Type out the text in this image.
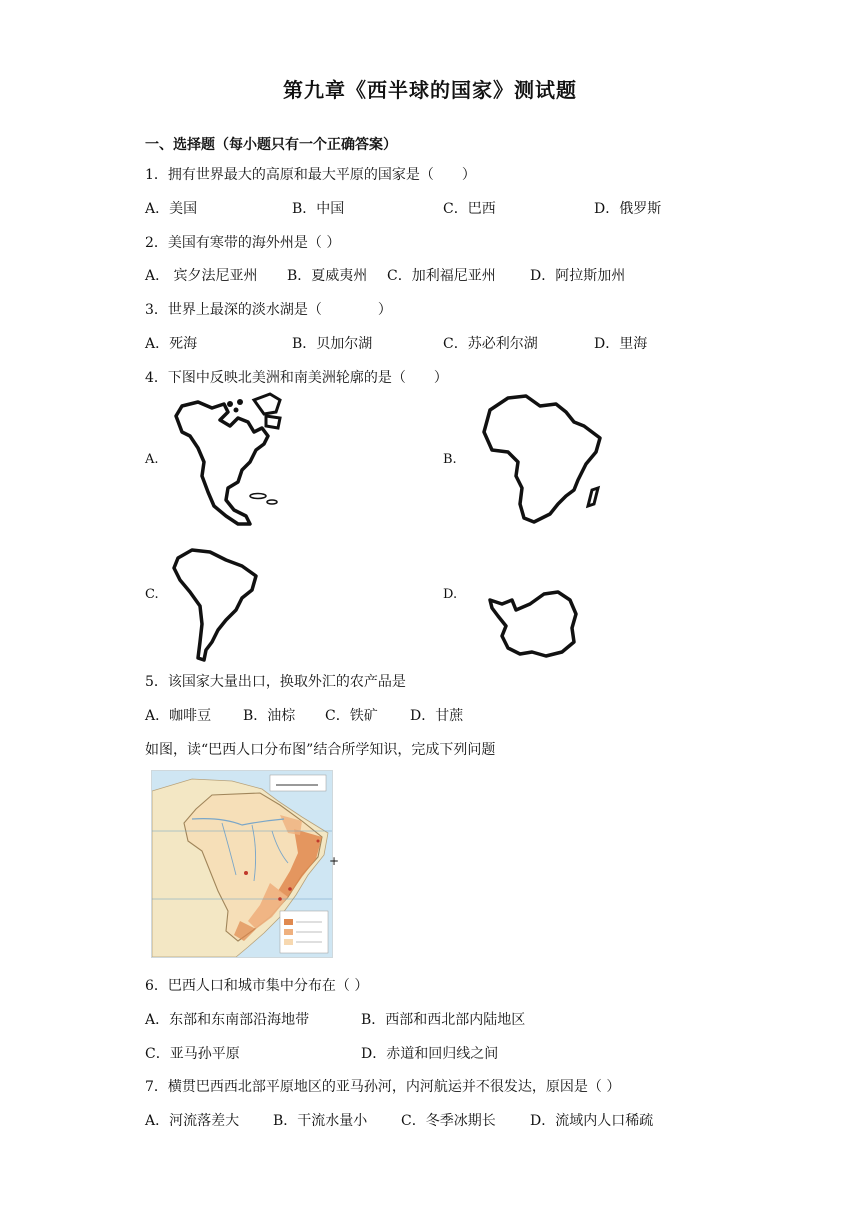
第九章《西半球的国家》测试题
一、选择题（每小题只有一个正确答案）
1．拥有世界最大的高原和最大平原的国家是（　　）
A．美国	B．中国	C．巴西	D．俄罗斯
2．美国有寒带的海外州是（ ）
A． 宾夕法尼亚州 B．夏威夷州 C．加利福尼亚州 D．阿拉斯加州
3．世界上最深的淡水湖是（　　　　）
A．死海	B．贝加尔湖	C．苏必利尔湖	D．里海
4．下图中反映北美洲和南美洲轮廓的是（　　）
A.	B.
C.	D.
5．该国家大量出口，换取外汇的农产品是
A．咖啡豆 B．油棕 C．铁矿 D．甘蔗
如图，读“巴西人口分布图”结合所学知识，完成下列问题
+
6．巴西人口和城市集中分布在（ ）
A．东部和东南部沿海地带	B．西部和西北部内陆地区
C．亚马孙平原	D．赤道和回归线之间
7．横贯巴西西北部平原地区的亚马孙河，内河航运并不很发达，原因是（ ）
A．河流落差大 B．干流水量小 C．冬季冰期长 D．流域内人口稀疏
